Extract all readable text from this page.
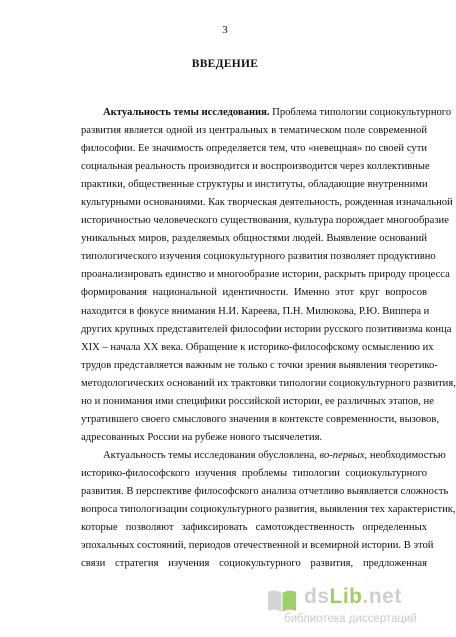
3
ВВЕДЕНИЕ
Актуальность темы исследования. Проблема типологии социокультурного
развития является одной из центральных в тематическом поле современной
философии. Ее значимость определяется тем, что «невещная» по своей сути
социальная реальность производится и воспроизводится через коллективные
практики, общественные структуры и институты, обладающие внутренними
культурными основаниями. Как творческая деятельность, рожденная изначальной
историчностью человеческого существования, культура порождает многообразие
уникальных миров, разделяемых общностями людей. Выявление оснований
типологического изучения социокультурного развития позволяет продуктивно
проанализировать единство и многообразие истории, раскрыть природу процесса
формирования национальной идентичности. Именно этот круг вопросов
находится в фокусе внимания Н.И. Кареева, П.Н. Милюкова, Р.Ю. Виппера и
других крупных представителей философии истории русского позитивизма конца
XIX – начала XX века. Обращение к историко-философскому осмыслению их
трудов представляется важным не только с точки зрения выявления теоретико-
методологических оснований их трактовки типологии социокультурного развития,
но и понимания ими специфики российской истории, ее различных этапов, не
утратившего своего смыслового значения в контексте современности, вызовов,
адресованных России на рубеже нового тысячелетия.
Актуальность темы исследования обусловлена, во-первых, необходимостью
историко-философского изучения проблемы типологии социокультурного
развития. В перспективе философского анализа отчетливо выявляется сложность
вопроса типологизации социокультурного развития, выявления тех характеристик,
которые позволяют зафиксировать самотождественность определенных
эпохальных состояний, периодов отечественной и всемирной истории. В этой
связи стратегия изучения социокультурного развития, предложенная
dsLib.net
библиотека диссертаций
